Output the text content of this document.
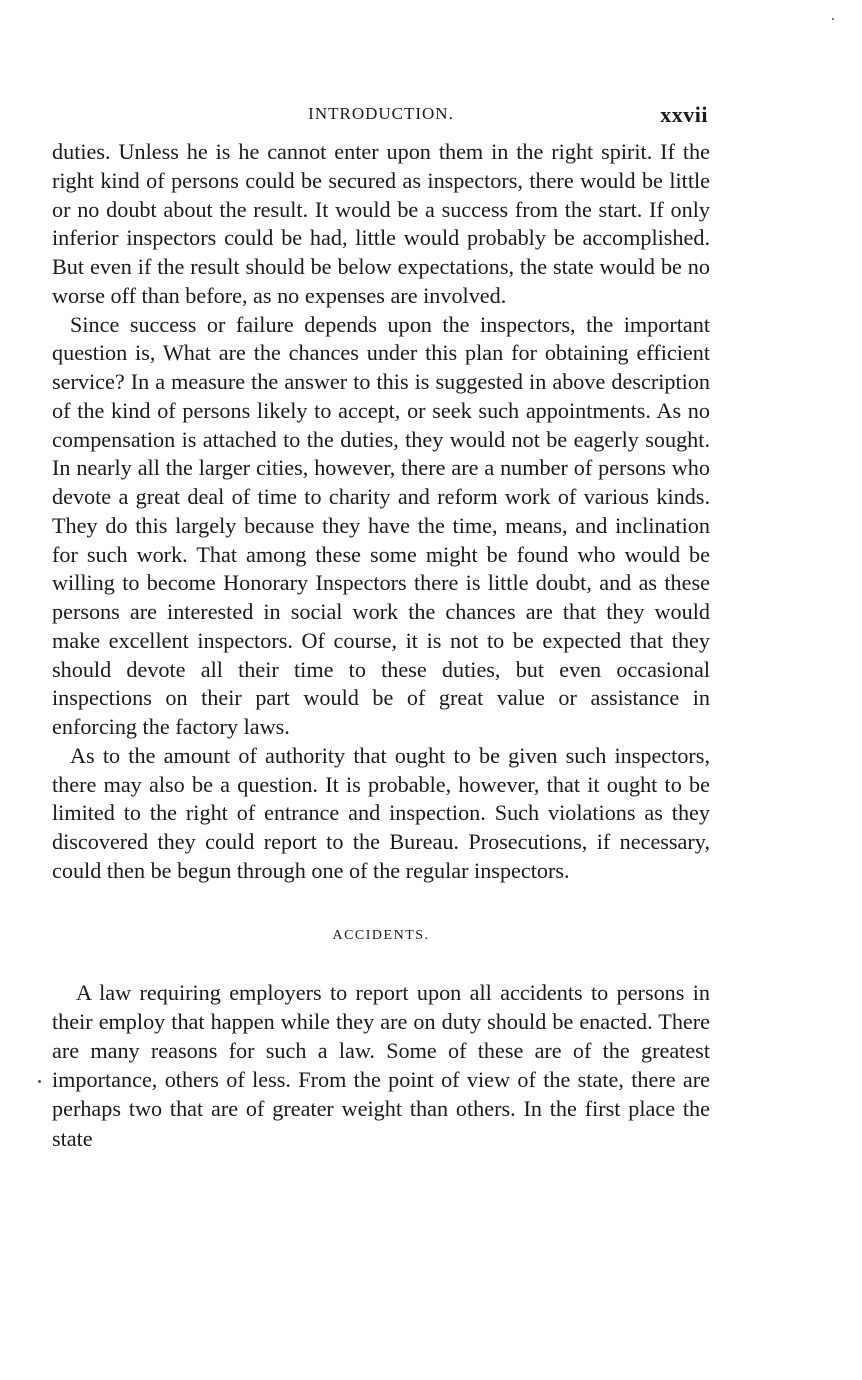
INTRODUCTION.	xxvii

duties. Unless he is he cannot enter upon them in the right spirit. If the right kind of persons could be secured as inspectors, there would be little or no doubt about the result. It would be a success from the start. If only inferior inspectors could be had, little would probably be accomplished. But even if the result should be below expectations, the state would be no worse off than before, as no expenses are involved.

Since success or failure depends upon the inspectors, the important question is, What are the chances under this plan for obtaining efficient service? In a measure the answer to this is suggested in above description of the kind of persons likely to accept, or seek such appointments. As no compensation is attached to the duties, they would not be eagerly sought. In nearly all the larger cities, however, there are a number of persons who devote a great deal of time to charity and reform work of various kinds. They do this largely because they have the time, means, and inclination for such work. That among these some might be found who would be willing to become Honorary Inspectors there is little doubt, and as these persons are interested in social work the chances are that they would make excellent inspectors. Of course, it is not to be expected that they should devote all their time to these duties, but even occasional inspections on their part would be of great value or assistance in enforcing the factory laws.

As to the amount of authority that ought to be given such inspectors, there may also be a question. It is probable, however, that it ought to be limited to the right of entrance and inspection. Such violations as they discovered they could report to the Bureau. Prosecutions, if necessary, could then be begun through one of the regular inspectors.

ACCIDENTS.

A law requiring employers to report upon all accidents to persons in their employ that happen while they are on duty should be enacted. There are many reasons for such a law. Some of these are of the greatest importance, others of less. From the point of view of the state, there are perhaps two that are of greater weight than others. In the first place the state
